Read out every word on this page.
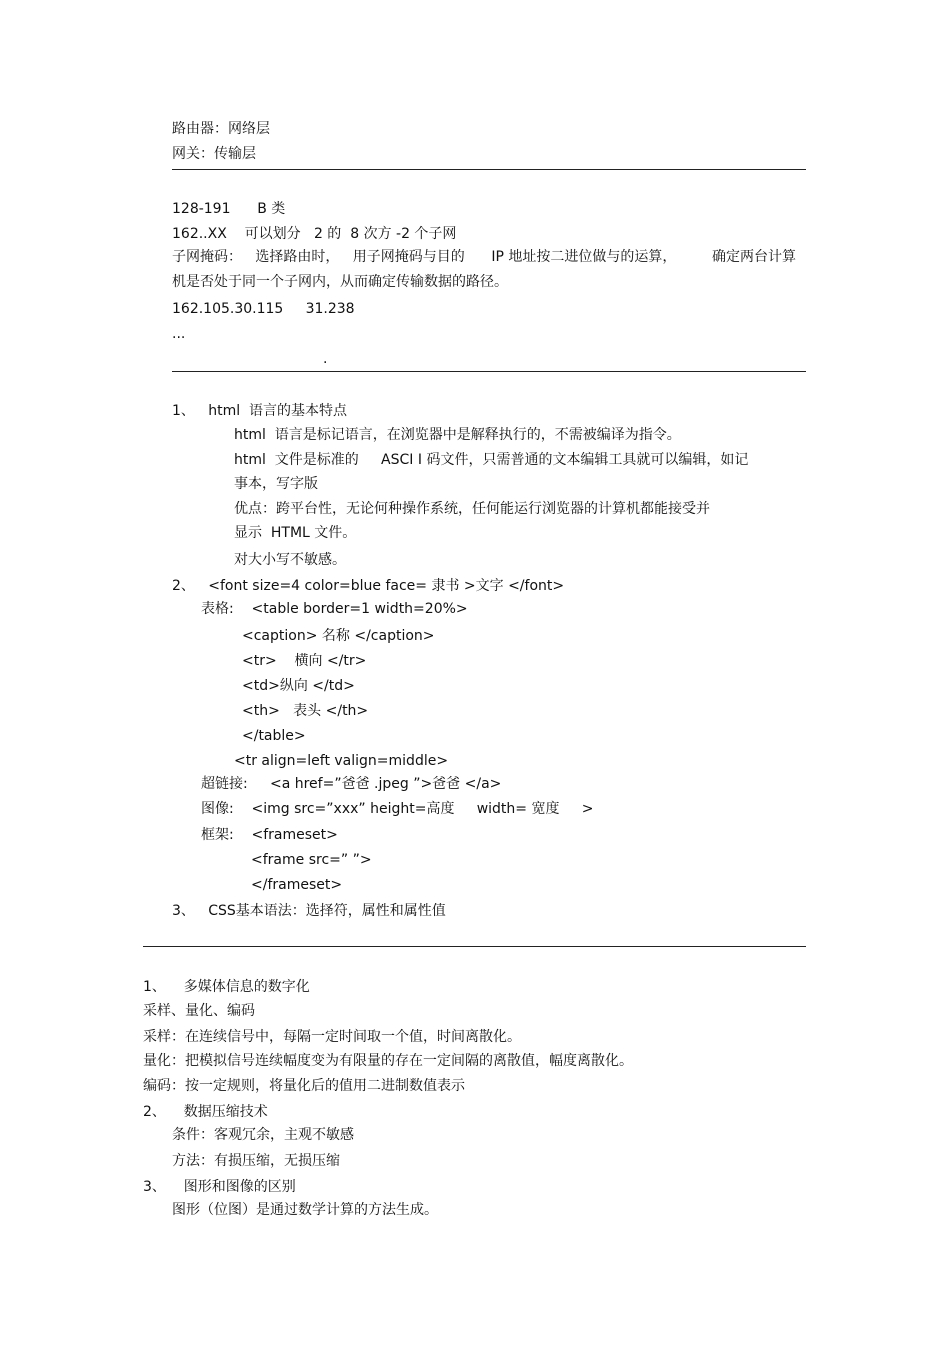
路由器：网络层
网关：传输层
128-191      B 类
162..XX    可以划分   2 的  8 次方 -2 个子网
子网掩码：   选择路由时，   用子网掩码与目的      IP 地址按二进位做与的运算，        确定两台计算
机是否处于同一个子网内，从而确定传输数据的路径。
162.105.30.115     31.238
...
.
1、   html  语言的基本特点
html  语言是标记语言，在浏览器中是解释执行的，不需被编译为指令。
html  文件是标准的     ASCI I 码文件，只需普通的文本编辑工具就可以编辑，如记
事本，写字版
优点：跨平台性，无论何种操作系统，任何能运行浏览器的计算机都能接受并
显示  HTML 文件。
对大小写不敏感。
2、   <font size=4 color=blue face= 隶书 >文字 </font>
表格:    <table border=1 width=20%>
<caption> 名称 </caption>
<tr>    横向 </tr>
<td>纵向 </td>
<th>   表头 </th>
</table>
<tr align=left valign=middle>
超链接:     <a href=”爸爸 .jpeg ”>爸爸 </a>
图像:    <img src=”xxx” height=高度     width= 宽度     >
框架:    <frameset>
<frame src=” ”>
</frameset>
3、   CSS基本语法：选择符，属性和属性值
1、    多媒体信息的数字化
采样、量化、编码
采样：在连续信号中，每隔一定时间取一个值，时间离散化。
量化：把模拟信号连续幅度变为有限量的存在一定间隔的离散值，幅度离散化。
编码：按一定规则，将量化后的值用二进制数值表示
2、    数据压缩技术
条件：客观冗余，主观不敏感
方法：有损压缩，无损压缩
3、    图形和图像的区别
图形（位图）是通过数学计算的方法生成。
